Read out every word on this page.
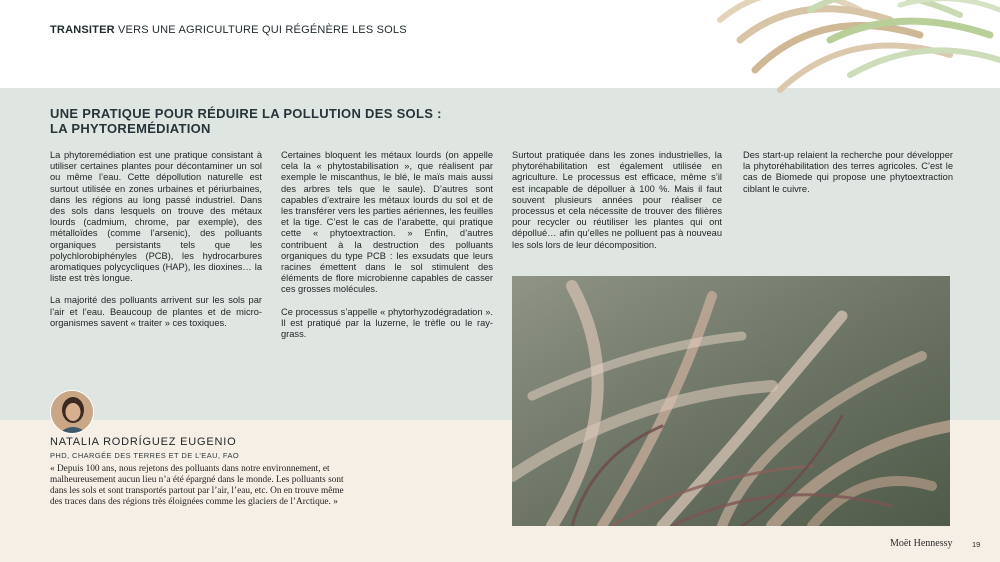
TRANSITER VERS UNE AGRICULTURE QUI RÉGÉNÈRE LES SOLS
UNE PRATIQUE POUR RÉDUIRE LA POLLUTION DES SOLS :
LA PHYTOREMÉDIATION

La phytoremédiation est une pratique consistant à utiliser certaines plantes pour décontaminer un sol ou même l’eau. Cette dépollution naturelle est surtout utilisée en zones urbaines et périurbaines, dans les régions au long passé industriel. Dans des sols dans lesquels on trouve des métaux lourds (cadmium, chrome, par exemple), des métalloïdes (comme l’arsenic), des polluants organiques persistants tels que les polychlorobiphényles (PCB), les hydrocarbures aromatiques polycycliques (HAP), les dioxines… la liste est très longue.

La majorité des polluants arrivent sur les sols par l’air et l’eau. Beaucoup de plantes et de micro-organismes savent « traiter » ces toxiques.

Certaines bloquent les métaux lourds (on appelle cela la « phytostabilisation », que réalisent par exemple le miscanthus, le blé, le maïs mais aussi des arbres tels que le saule). D’autres sont capables d’extraire les métaux lourds du sol et de les transférer vers les parties aériennes, les feuilles et la tige. C’est le cas de l’arabette, qui pratique cette « phytoextraction. » Enfin, d’autres contribuent à la destruction des polluants organiques du type PCB : les exsudats que leurs racines émettent dans le sol stimulent des éléments de flore microbienne capables de casser ces grosses molécules.

Ce processus s’appelle « phytorhyzodégradation ». Il est pratiqué par la luzerne, le trèfle ou le ray-grass.

Surtout pratiquée dans les zones industrielles, la phytoréhabilitation est également utilisée en agriculture. Le processus est efficace, même s’il est incapable de dépolluer à 100 %. Mais il faut souvent plusieurs années pour réaliser ce processus et cela nécessite de trouver des filières pour recycler ou réutiliser les plantes qui ont dépollué… afin qu’elles ne polluent pas à nouveau les sols lors de leur décomposition.

Des start-up relaient la recherche pour développer la phytoréhabilitation des terres agricoles. C’est le cas de Biomede qui propose une phytoextraction ciblant le cuivre.

NATALIA RODRÍGUEZ EUGENIO
PHD, CHARGÉE DES TERRES ET DE L’EAU, FAO

« Depuis 100 ans, nous rejetons des polluants dans notre environnement, et malheureusement aucun lieu n’a été épargné dans le monde. Les polluants sont dans les sols et sont transportés partout par l’air, l’eau, etc. On en trouve même des traces dans des régions très éloignées comme les glaciers de l’Arctique. »

Moët Hennessy	19
